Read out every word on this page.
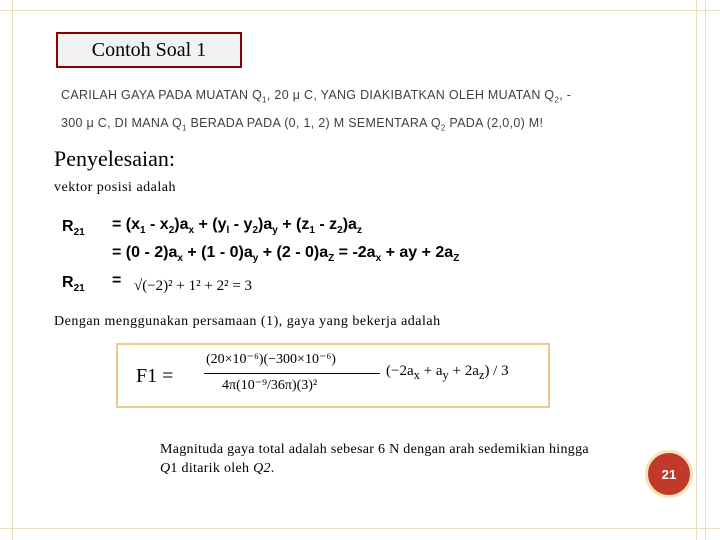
Contoh Soal 1
CARILAH GAYA PADA MUATAN $Q_1$, 20 μ C, YANG DIAKIBATKAN OLEH MUATAN $Q_2$, -
300 μ C, DI MANA $Q_1$ BERADA PADA (0, 1, 2) M SEMENTARA $Q_2$ PADA (2,0,0) M!
Penyelesaian:
vektor posisi adalah
$R_{21} = (x_1 - x_2)a_x + (y_l - y_2)a_y + (z_1 - z_2)a_z$
= $(0 - 2)a_x + (1 - 0)a_y + (2 - 0)a_Z = -2a_x$ + ay + $2a_Z$
$R_{21} = √(-2)^2 + 1^2 + 2^2 = 3$
Dengan menggunakan persamaan (1), gaya yang bekerja adalah
F1 =
(20×10⁻⁶)(−300×10⁻⁶)
4π(10⁻⁹/36π)(3)²
$(-2a_x + a_y + 2a_z) / 3$
Magnituda gaya total adalah sebesar 6 N dengan arah sedemikian hingga
Q1 ditarik oleh Q2.	21
